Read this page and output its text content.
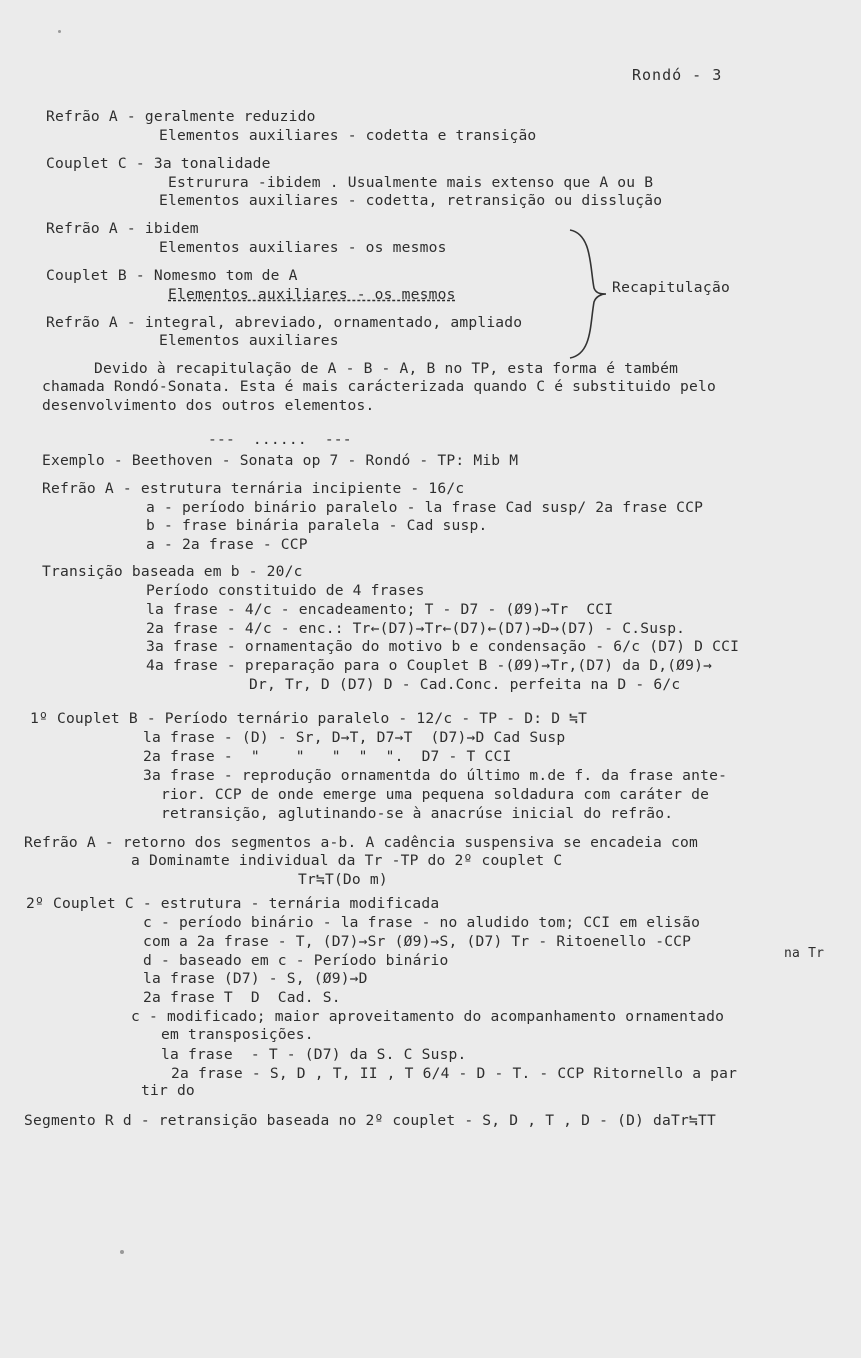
Rondó - 3
Refrão A - geralmente reduzido
Elementos auxiliares - codetta e transição
Couplet C - 3a tonalidade
Estrurura -ibidem . Usualmente mais extenso que A ou B
Elementos auxiliares - codetta, retransição ou disslução
Refrão A - ibidem
Elementos auxiliares - os mesmos
Couplet B - Nomesmo tom de A
Elementos auxiliares - os mesmos
Refrão A - integral, abreviado, ornamentado, ampliado
Elementos auxiliares
Recapitulação
Devido à recapitulação de A - B - A, B no TP, esta forma é também
chamada Rondó-Sonata. Esta é mais carácterizada quando C é substituido pelo
desenvolvimento dos outros elementos.
---  ......  ---
Exemplo - Beethoven - Sonata op 7 - Rondó - TP: Mib M
Refrão A - estrutura ternária incipiente - 16/c
a - período binário paralelo - la frase Cad susp/ 2a frase CCP
b - frase binária paralela - Cad susp.
a - 2a frase - CCP
Transição baseada em b - 20/c
Período constituido de 4 frases
la frase - 4/c - encadeamento; T - D7 - (Ø9)→Tr  CCI
2a frase - 4/c - enc.: Tr←(D7)→Tr←(D7)←(D7)→D→(D7) - C.Susp.
3a frase - ornamentação do motivo b e condensação - 6/c (D7) D CCI
4a frase - preparação para o Couplet B -(Ø9)→Tr,(D7) da D,(Ø9)→
Dr, Tr, D (D7) D - Cad.Conc. perfeita na D - 6/c
1º Couplet B - Período ternário paralelo - 12/c - TP - D: D ≒T
la frase - (D) - Sr, D→T, D7→T  (D7)→D Cad Susp
2a frase -  "    "   "  "  ".  D7 - T CCI
3a frase - reprodução ornamentda do último m.de f. da frase ante-
rior. CCP de onde emerge uma pequena soldadura com caráter de
retransição, aglutinando-se à anacrúse inicial do refrão.
Refrão A - retorno dos segmentos a-b. A cadência suspensiva se encadeia com
a Dominamte individual da Tr -TP do 2º couplet C
Tr≒T(Do m)
2º Couplet C - estrutura - ternária modificada
c - período binário - la frase - no aludido tom; CCI em elisão
com a 2a frase - T, (D7)→Sr (Ø9)→S, (D7) Tr - Ritoenello -CCP
na Tr
d - baseado em c - Período binário
la frase (D7) - S, (Ø9)→D
2a frase T  D  Cad. S.
c - modificado; maior aproveitamento do acompanhamento ornamentado
em transposições.
la frase  - T - (D7) da S. C Susp.
2a frase - S, D , T, II , T 6/4 - D - T. - CCP Ritornello a par
tir do
Segmento R d - retransição baseada no 2º couplet - S, D , T , D - (D) daTr≒TT
